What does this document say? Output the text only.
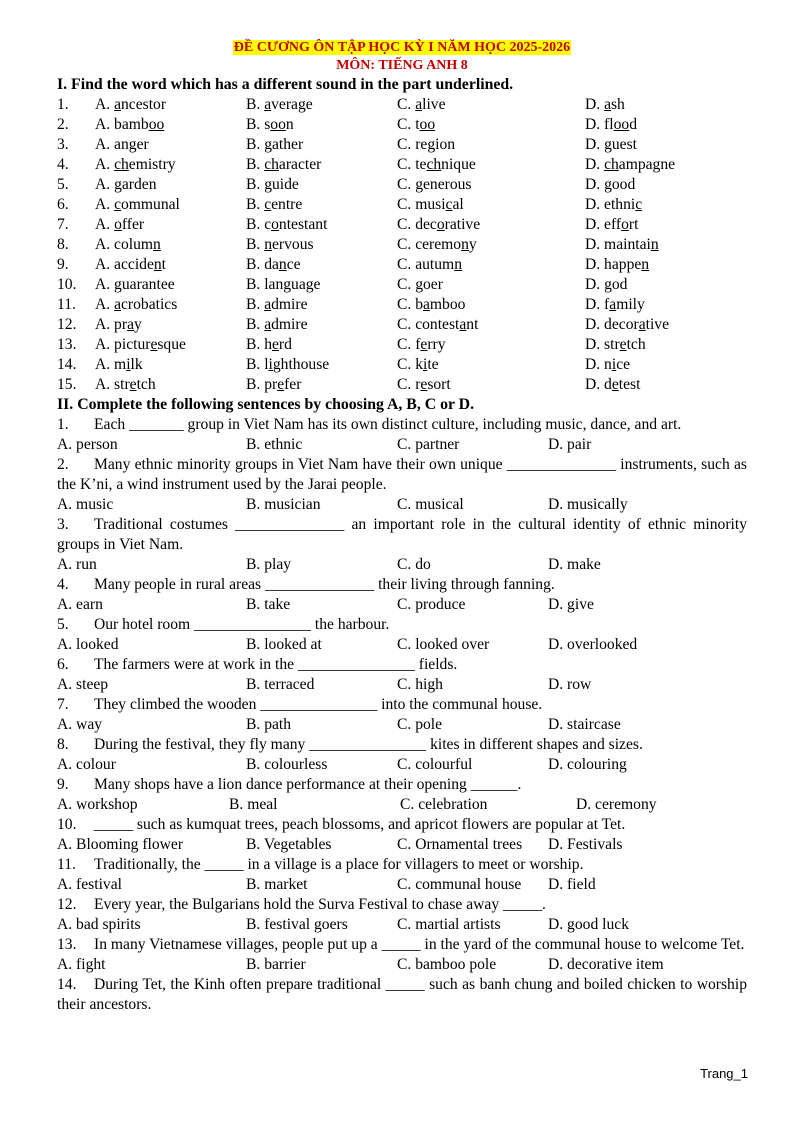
ĐỀ CƯƠNG ÔN TẬP HỌC KỲ I NĂM HỌC 2025-2026
MÔN: TIẾNG ANH 8
I. Find the word which has a different sound in the part underlined.
1. A. ancestor	B. average	C. alive	D. ash
2. A. bamboo	B. soon	C. too	D. flood
3. A. anger	B. gather	C. region	D. guest
4. A. chemistry	B. character	C. technique	D. champagne
5. A. garden	B. guide	C. generous	D. good
6. A. communal	B. centre	C. musical	D. ethnic
7. A. offer	B. contestant	C. decorative	D. effort
8. A. column	B. nervous	C. ceremony	D. maintain
9. A. accident	B. dance	C. autumn	D. happen
10. A. guarantee	B. language	C. goer	D. god
11. A. acrobatics	B. admire	C. bamboo	D. family
12. A. pray	B. admire	C. contestant	D. decorative
13. A. picturesque	B. herd	C. ferry	D. stretch
14. A. milk	B. lighthouse	C. kite	D. nice
15. A. stretch	B. prefer	C. resort	D. detest
II. Complete the following sentences by choosing A, B, C or D.
1. Each _______ group in Viet Nam has its own distinct culture, including music, dance, and art.
A. person	B. ethnic	C. partner	D. pair
2. Many ethnic minority groups in Viet Nam have their own unique ______________ instruments, such as the K’ni, a wind instrument used by the Jarai people.
A. music	B. musician	C. musical	D. musically
3. Traditional costumes ______________ an important role in the cultural identity of ethnic minority groups in Viet Nam.
A. run	B. play	C. do	D. make
4. Many people in rural areas ______________ their living through fanning.
A. earn	B. take	C. produce	D. give
5. Our hotel room _______________ the harbour.
A. looked	B. looked at	C. looked over	D. overlooked
6. The farmers were at work in the _______________ fields.
A. steep	B. terraced	C. high	D. row
7. They climbed the wooden _______________ into the communal house.
A. way	B. path	C. pole	D. staircase
8. During the festival, they fly many _______________ kites in different shapes and sizes.
A. colour	B. colourless	C. colourful	D. colouring
9. Many shops have a lion dance performance at their opening ______.
A. workshop	B. meal	C. celebration	D. ceremony
10. _____ such as kumquat trees, peach blossoms, and apricot flowers are popular at Tet.
A. Blooming flower	B. Vegetables	C. Ornamental trees D. Festivals
11. Traditionally, the _____ in a village is a place for villagers to meet or worship.
A. festival	B. market	C. communal house D. field
12. Every year, the Bulgarians hold the Surva Festival to chase away _____.
A. bad spirits	B. festival goers	C. martial artists	D. good luck
13. In many Vietnamese villages, people put up a _____ in the yard of the communal house to welcome Tet.
A. fight	B. barrier	C. bamboo pole	D. decorative item
14. During Tet, the Kinh often prepare traditional _____ such as banh chung and boiled chicken to worship their ancestors.
Trang_1
